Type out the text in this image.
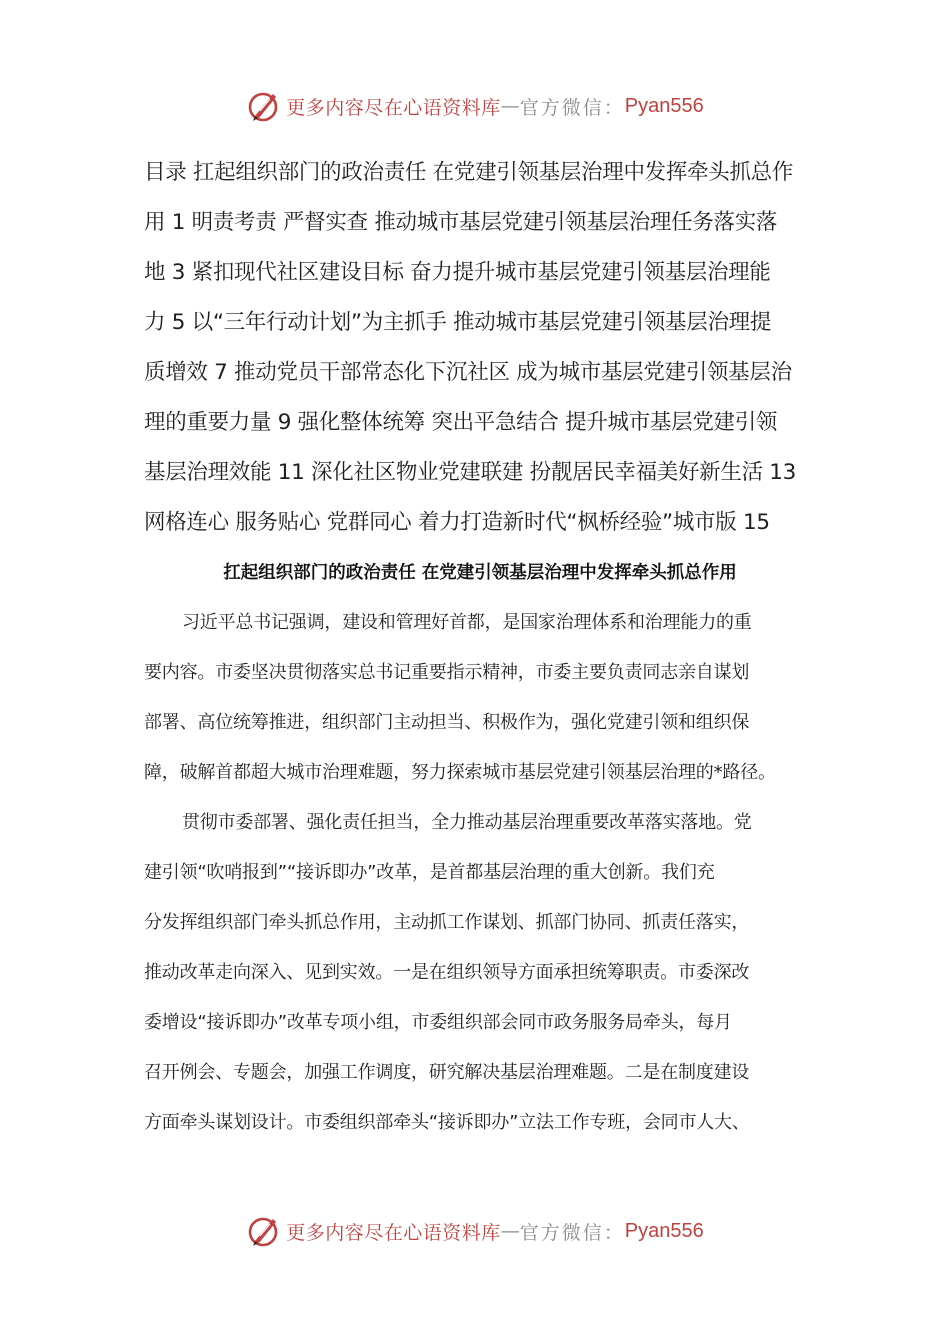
更多内容尽在心语资料库 — 官方微信： Pyan556
目录 扛起组织部门的政治责任 在党建引领基层治理中发挥牵头抓总作
用 1 明责考责 严督实查 推动城市基层党建引领基层治理任务落实落
地 3 紧扣现代社区建设目标 奋力提升城市基层党建引领基层治理能
力 5 以“三年行动计划”为主抓手 推动城市基层党建引领基层治理提
质增效 7 推动党员干部常态化下沉社区 成为城市基层党建引领基层治
理的重要力量 9 强化整体统筹 突出平急结合 提升城市基层党建引领
基层治理效能 11 深化社区物业党建联建 扮靓居民幸福美好新生活 13
网格连心 服务贴心 党群同心 着力打造新时代“枫桥经验”城市版 15
扛起组织部门的政治责任 在党建引领基层治理中发挥牵头抓总作用
习近平总书记强调，建设和管理好首都，是国家治理体系和治理能力的重
要内容。市委坚决贯彻落实总书记重要指示精神，市委主要负责同志亲自谋划
部署、高位统筹推进，组织部门主动担当、积极作为，强化党建引领和组织保
障，破解首都超大城市治理难题，努力探索城市基层党建引领基层治理的*路径。
贯彻市委部署、强化责任担当，全力推动基层治理重要改革落实落地。党
建引领“吹哨报到”“接诉即办”改革，是首都基层治理的重大创新。我们充
分发挥组织部门牵头抓总作用，主动抓工作谋划、抓部门协同、抓责任落实，
推动改革走向深入、见到实效。一是在组织领导方面承担统筹职责。市委深改
委增设“接诉即办”改革专项小组，市委组织部会同市政务服务局牵头，每月
召开例会、专题会，加强工作调度，研究解决基层治理难题。二是在制度建设
方面牵头谋划设计。市委组织部牵头“接诉即办”立法工作专班，会同市人大、
更多内容尽在心语资料库 — 官方微信： Pyan556
